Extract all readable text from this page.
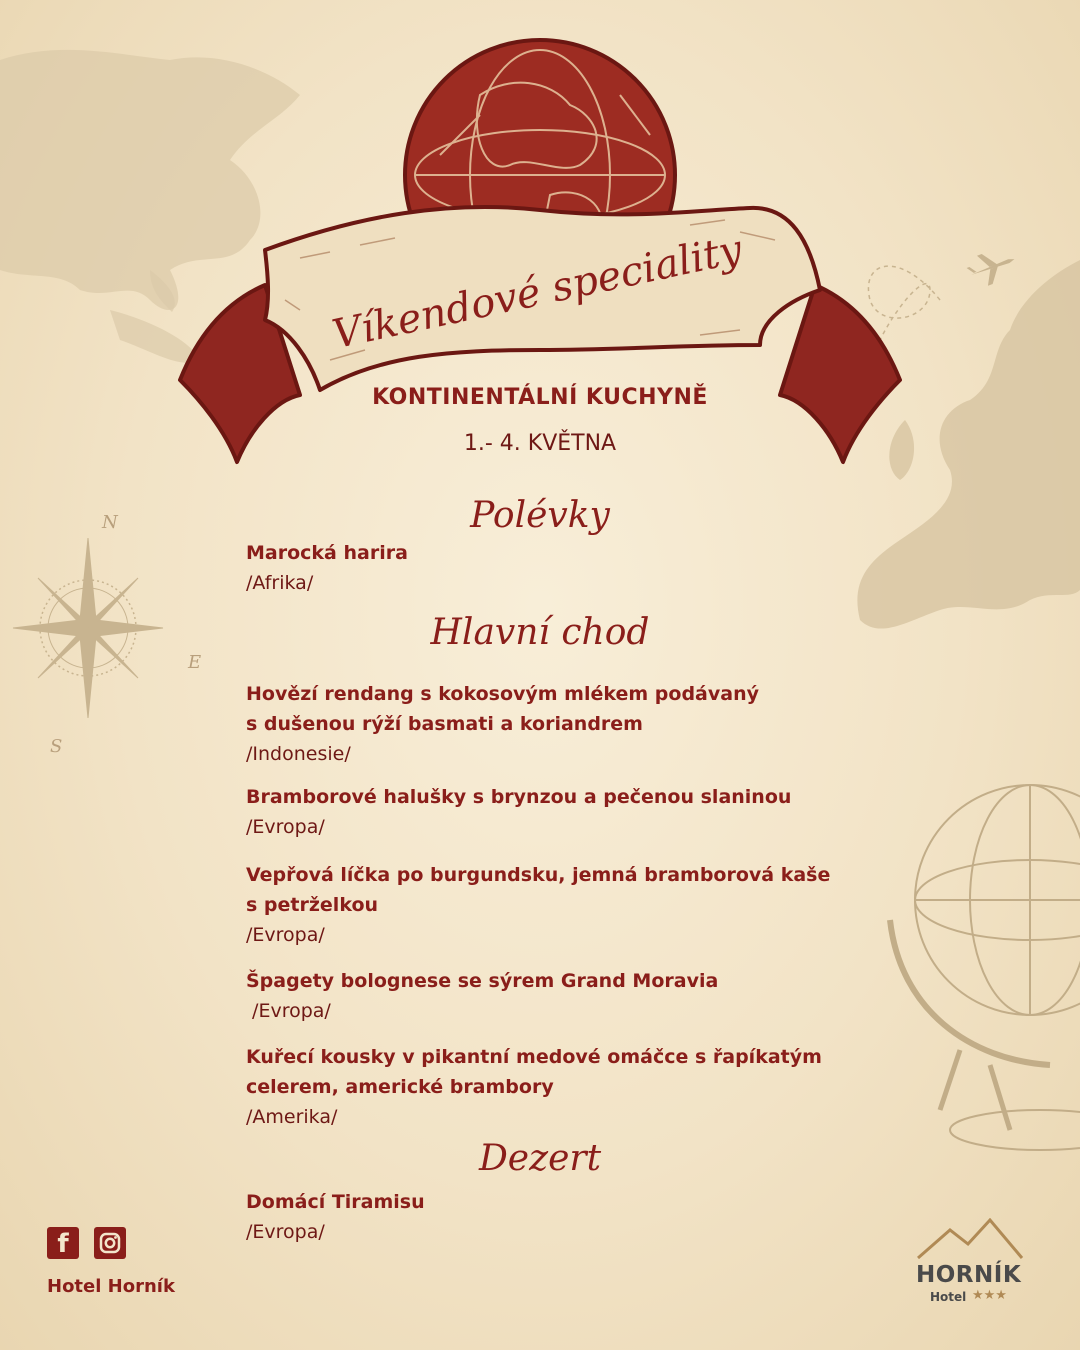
Víkendové speciality
N
E
S
KONTINENTÁLNÍ KUCHYNĚ
1.- 4. KVĚTNA
Polévky
Marocká harira
/Afrika/
Hlavní chod
Hovězí rendang s kokosovým mlékem podávaný
s dušenou rýží basmati a koriandrem
/Indonesie/
Bramborové halušky s brynzou a pečenou slaninou
/Evropa/
Vepřová líčka po burgundsku, jemná bramborová kaše
s petrželkou
/Evropa/
Špagety bolognese se sýrem Grand Moravia
/Evropa/
Kuřecí kousky v pikantní medové omáčce s řapíkatým
celerem, americké brambory
/Amerika/
Dezert
Domácí Tiramisu
/Evropa/
f
Hotel Horník	HORNÍK
Hotel ★★★
